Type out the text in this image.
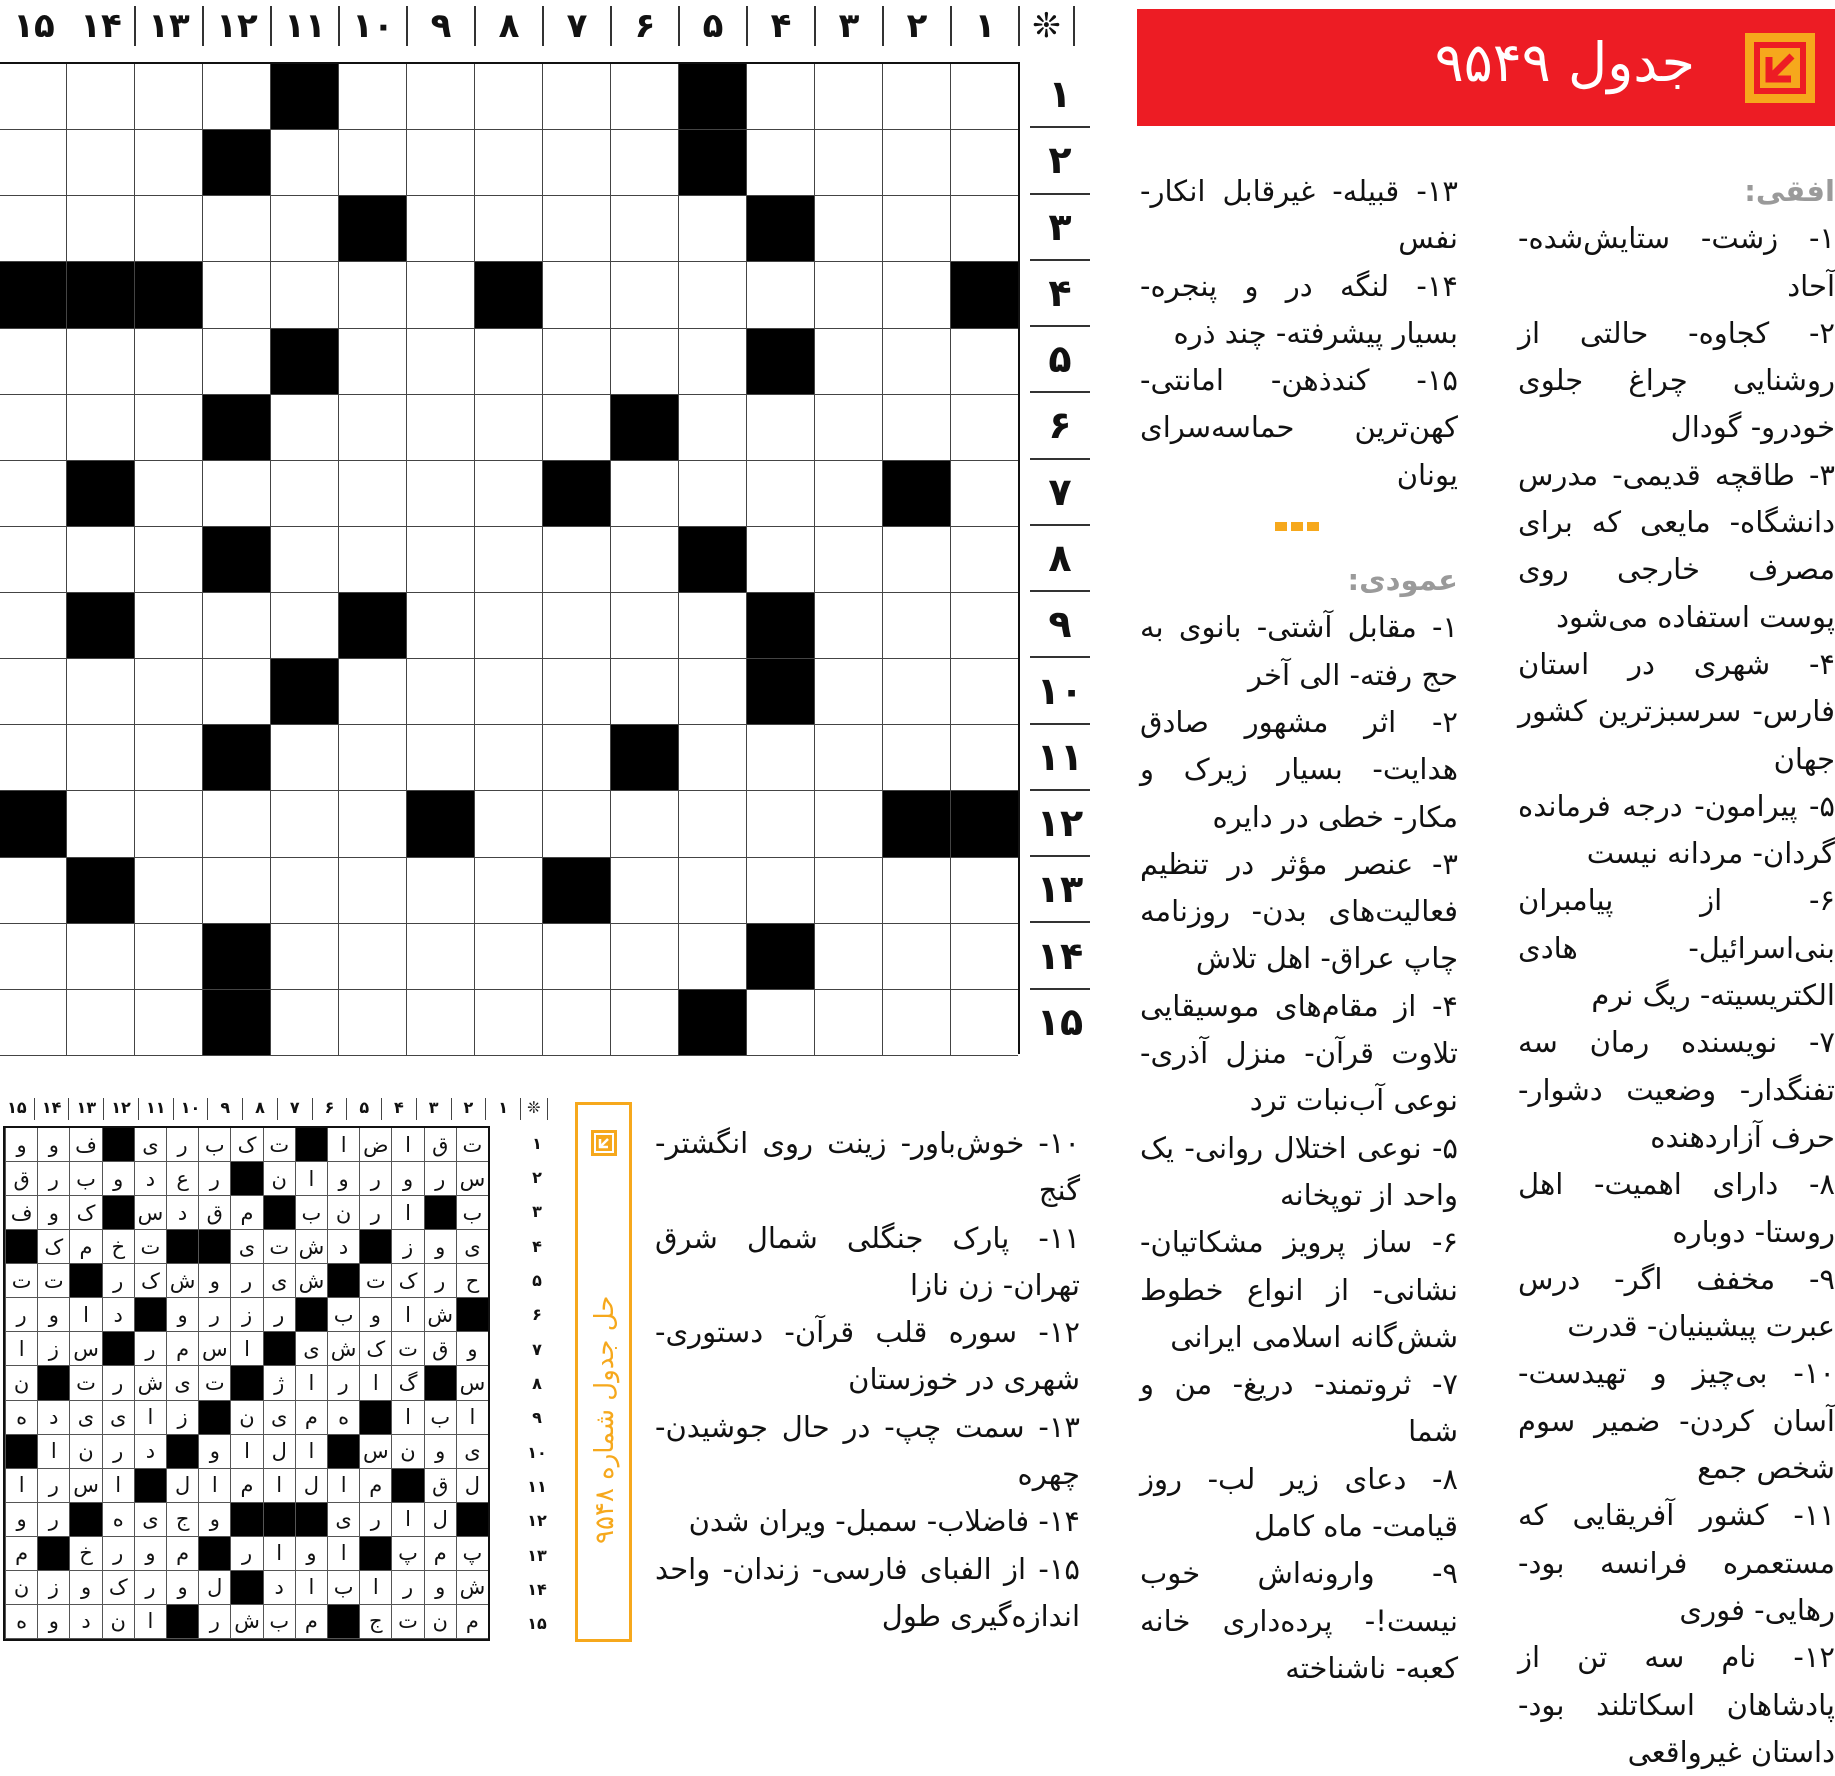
❊
۱
۲
۳
۴
۵
۶
۷
۸
۹
۱۰
۱۱
۱۲
۱۳
۱۴
۱۵
۱
۲
۳
۴
۵
۶
۷
۸
۹
۱۰
۱۱
۱۲
۱۳
۱۴
۱۵
جدول ۹۵۴۹
افقی:
۱- زشت- ستایش‌شده- آحاد
۲- کجاوه- حالتی از روشنایی چراغ جلوی خودرو- گودال
۳- طاقچه قدیمی- مدرس دانشگاه- مایعی که برای مصرف خارجی روی پوست استفاده می‌شود
۴- شهری در استان فارس- سرسبزترین کشور جهان
۵- پیرامون- درجه فرمانده گردان- مردانه نیست
۶- از پیامبران بنی‌اسرائیل- هادی الکتریسیته- ریگ نرم
۷- نویسنده رمان سه تفنگدار- وضعیت دشوار- حرف آزاردهنده
۸- دارای اهمیت- اهل روستا- دوباره
۹- مخفف اگر- درس عبرت پیشینیان- قدرت
۱۰- بی‌چیز و تهیدست- آسان کردن- ضمیر سوم شخص جمع
۱۱- کشور آفریقایی که مستعمره فرانسه بود- رهایی- فوری
۱۲- نام سه تن از پادشاهان اسکاتلند بود- داستان غیرواقعی
۱۳- قبیله- غیرقابل انکار- نفس
۱۴- لنگه در و پنجره- بسیار پیشرفته- چند ذره
۱۵- کندذهن- امانتی- کهن‌ترین حماسه‌سرای یونان
عمودی:
۱- مقابل آشتی- بانوی به حج رفته- الی آخر
۲- اثر مشهور صادق هدایت- بسیار زیرک و مکار- خطی در دایره
۳- عنصر مؤثر در تنظیم فعالیت‌های بدن- روزنامه چاپ عراق- اهل تلاش
۴- از مقام‌های موسیقایی تلاوت قرآن- منزل آذری- نوعی آب‌نبات ترد
۵- نوعی اختلال روانی- یک واحد از توپخانه
۶- ساز پرویز مشکاتیان- نشانی- از انواع خطوط شش‌گانه اسلامی ایرانی
۷- ثروتمند- دریغ- من و شما
۸- دعای زیر لب- روز قیامت- ماه کامل
۹- وارونه‌اش خوب نیست!- پرده‌داری خانه کعبه- ناشناخته
۱۰- خوش‌باور- زینت روی انگشتر- گنج
۱۱- پارک جنگلی شمال شرق تهران- زن نازا
۱۲- سوره قلب قرآن- دستوری- شهری در خوزستان
۱۳- سمت چپ- در حال جوشیدن- چهره
۱۴- فاضلاب- سمبل- ویران شدن
۱۵- از الفبای فارسی- زندان- واحد اندازه‌گیری طول
❊
۱
۲
۳
۴
۵
۶
۷
۸
۹
۱۰
۱۱
۱۲
۱۳
۱۴
۱۵
ت
ق
ا
ض
ا
ت
ک
ب
ر
ی
ف
و
و
س
ر
و
ر
و
ا
ن
ر
ع
د
و
ب
ر
ق
ب
ا
ر
ن
ب
م
ق
د
س
ک
و
ف
ی
و
ز
د
ش
ت
ی
ت
خ
م
ک
ح
ر
ک
ت
ش
ی
ر
و
ش
ک
ر
ت
ت
ش
ا
و
ب
ر
ز
ر
و
د
ا
و
ر
و
ق
ت
ک
ش
ی
ا
س
م
ر
س
ز
ا
س
گ
ا
ر
ا
ژ
ت
ی
ش
ر
ت
ن
ا
ب
ا
ه
م
ی
ن
ز
ا
ی
ی
د
ه
ی
و
ن
س
ا
ل
ا
و
د
ر
ن
ا
ل
ق
م
ا
ل
ا
م
ا
ل
ا
س
ر
ا
ل
ا
ر
ی
و
ج
ی
ه
ر
و
پ
م
پ
ا
و
ا
ر
م
و
ر
خ
م
ش
و
ر
ا
ب
ا
د
ل
و
ر
ک
و
ز
ن
م
ن
ت
ج
م
ب
ش
ر
ا
ن
د
و
ه
۱
۲
۳
۴
۵
۶
۷
۸
۹
۱۰
۱۱
۱۲
۱۳
۱۴
۱۵
حل جدول شماره ۹۵۴۸
